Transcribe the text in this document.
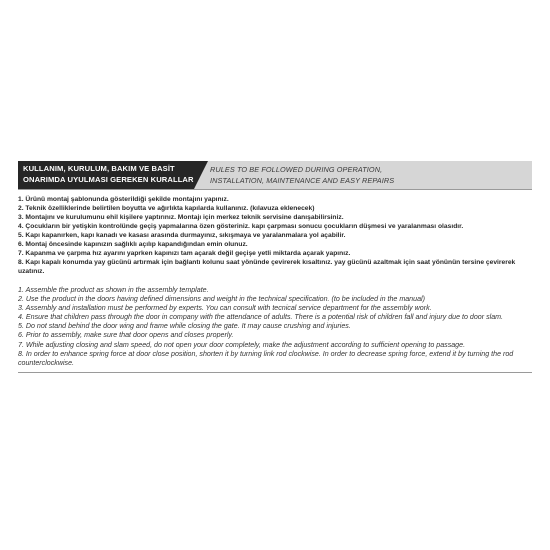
KULLANIM, KURULUM, BAKIM VE BASİT
ONARIMDA UYULMASI GEREKEN KURALLAR
RULES TO BE FOLLOWED DURING OPERATION,
INSTALLATION, MAINTENANCE AND EASY REPAIRS
1. Ürünü montaj şablonunda gösterildiği şekilde montajını yapınız.
2. Teknik özelliklerinde belirtilen boyutta ve ağırlıkta kapılarda kullanınız. (kılavuza eklenecek)
3. Montajını ve kurulumunu ehil kişilere yaptırınız. Montajı için merkez teknik servisine danışabilirsiniz.
4. Çocukların bir yetişkin kontrolünde geçiş yapmalarına özen gösteriniz. kapı çarpması sonucu çocukların düşmesi ve yaralanması olasıdır.
5. Kapı kapanırken, kapı kanadı ve kasası arasında durmayınız, sıkışmaya ve yaralanmalara yol açabilir.
6. Montaj öncesinde kapınızın sağlıklı açılıp kapandığından emin olunuz.
7. Kapanma ve çarpma hız ayarını yaprken kapınızı tam açarak değil geçişe yetli miktarda açarak yapınız.
8. Kapı kapalı konumda yay gücünü artırmak için bağlantı kolunu saat yönünde çevirerek kısaltınız. yay gücünü azaltmak için saat yönünün tersine çevirerek uzatınız.
1. Assemble the product as shown in the assembly template.
2. Use the product in the doors having defined dimensions and weight in the technical specification. (to be included in the manual)
3. Assembly and installation must be performed by experts. You can consult with tecnical service department for the assembly work.
4. Ensure that children pass through the door in company with the attendance of adults. There is a potential risk of children fall and injury due to door slam.
5. Do not stand behind the door wing and frame while closing the gate. It may cause crushing and injuries.
6. Prior to assembly, make sure that door opens and closes properly.
7. While adjusting closing and slam speed, do not open your door completely, make the adjustment according to sufficient opening to passage.
8. In order to enhance spring force at door close position, shorten it by turning link rod clockwise. In order to decrease spring force, extend it by turning the rod counterclockwise.
